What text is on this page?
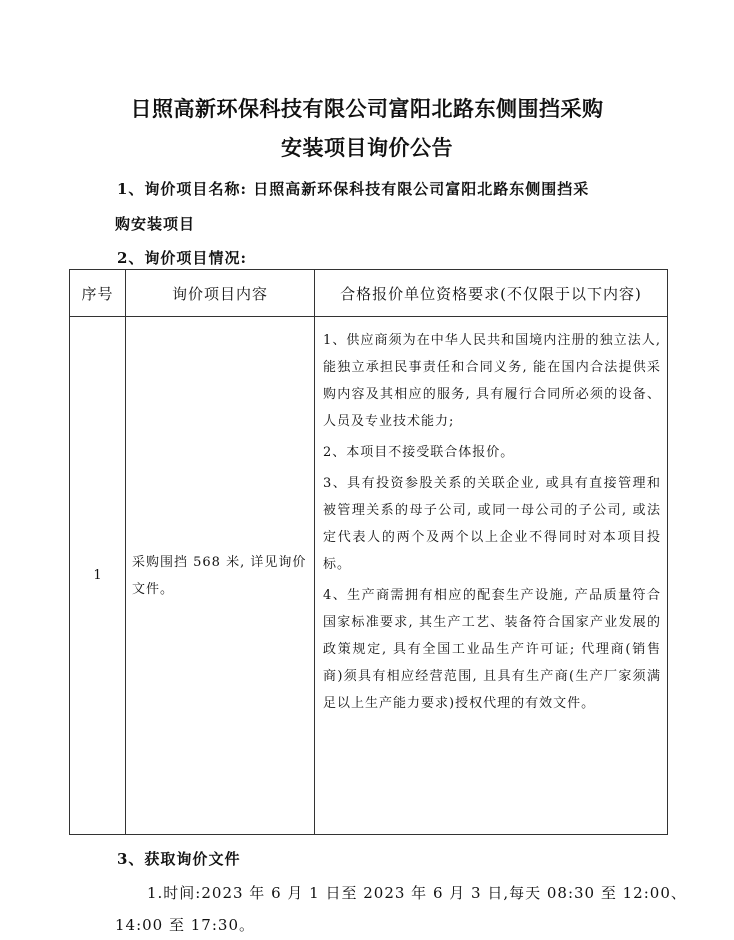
日照高新环保科技有限公司富阳北路东侧围挡采购
安装项目询价公告
1、询价项目名称: 日照高新环保科技有限公司富阳北路东侧围挡采
购安装项目
2、询价项目情况:
序号	询价项目内容	合格报价单位资格要求(不仅限于以下内容)
1
采购围挡 568 米, 详见询价文件。
1、供应商须为在中华人民共和国境内注册的独立法人, 能独立承担民事责任和合同义务, 能在国内合法提供采购内容及其相应的服务, 具有履行合同所必须的设备、人员及专业技术能力;
2、本项目不接受联合体报价。
3、具有投资参股关系的关联企业, 或具有直接管理和被管理关系的母子公司, 或同一母公司的子公司, 或法定代表人的两个及两个以上企业不得同时对本项目投标。
4、生产商需拥有相应的配套生产设施, 产品质量符合国家标准要求, 其生产工艺、装备符合国家产业发展的政策规定, 具有全国工业品生产许可证; 代理商(销售商)须具有相应经营范围, 且具有生产商(生产厂家须满足以上生产能力要求)授权代理的有效文件。
3、获取询价文件
1.时间:2023 年 6 月 1 日至 2023 年 6 月 3 日,每天 08:30 至 12:00、
14:00 至 17:30。
